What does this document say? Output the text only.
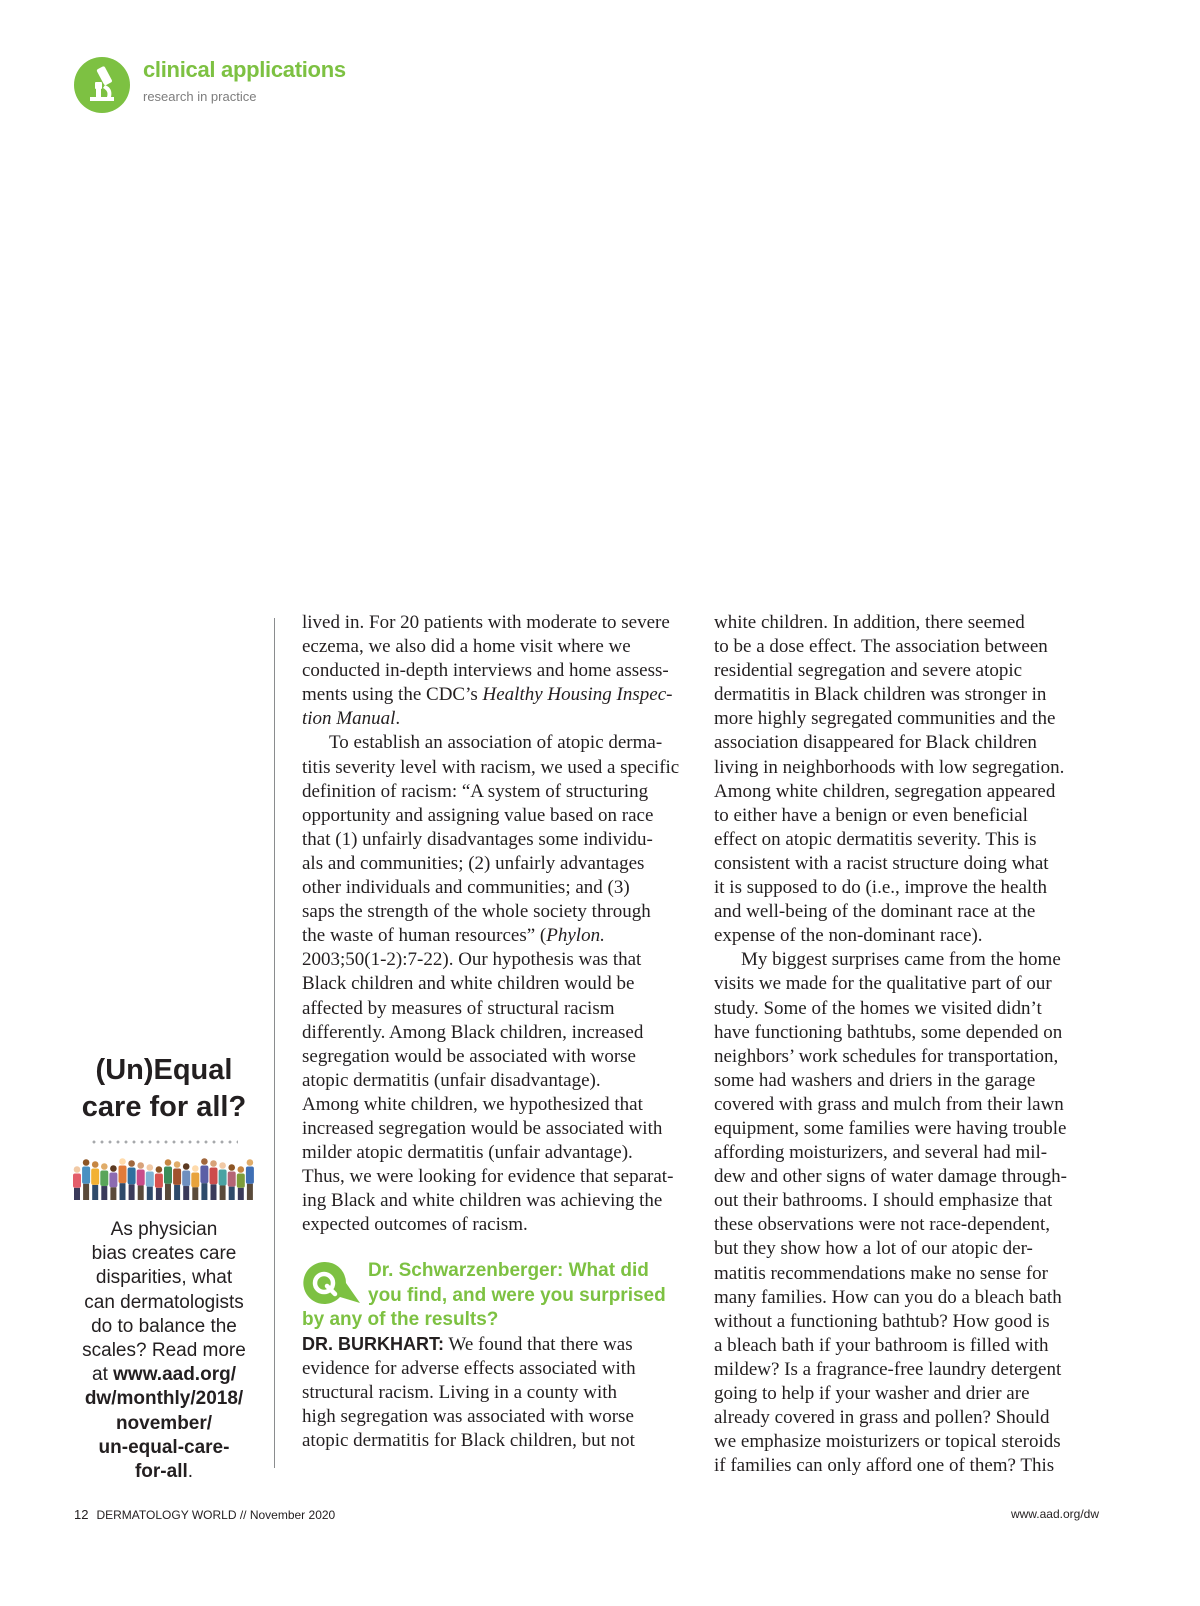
clinical applications
research in practice
(Un)Equal
care for all?
As physician
bias creates care
disparities, what
can dermatologists
do to balance the
scales? Read more
at www.aad.org/
dw/monthly/2018/
november/
un-equal-care-
for-all.

lived in. For 20 patients with moderate to severe
eczema, we also did a home visit where we
conducted in-depth interviews and home assess-
ments using the CDC’s Healthy Housing Inspec-
tion Manual.

To establish an association of atopic derma-
titis severity level with racism, we used a specific
definition of racism: “A system of structuring
opportunity and assigning value based on race
that (1) unfairly disadvantages some individu-
als and communities; (2) unfairly advantages
other individuals and communities; and (3)
saps the strength of the whole society through
the waste of human resources” (Phylon.
2003;50(1-2):7-22). Our hypothesis was that
Black children and white children would be
affected by measures of structural racism
differently. Among Black children, increased
segregation would be associated with worse
atopic dermatitis (unfair disadvantage).
Among white children, we hypothesized that
increased segregation would be associated with
milder atopic dermatitis (unfair advantage).
Thus, we were looking for evidence that separat-
ing Black and white children was achieving the
expected outcomes of racism.

Dr. Schwarzenberger: What did
you find, and were you surprised
by any of the results?

DR. BURKHART: We found that there was
evidence for adverse effects associated with
structural racism. Living in a county with
high segregation was associated with worse
atopic dermatitis for Black children, but not

white children. In addition, there seemed
to be a dose effect. The association between
residential segregation and severe atopic
dermatitis in Black children was stronger in
more highly segregated communities and the
association disappeared for Black children
living in neighborhoods with low segregation.
Among white children, segregation appeared
to either have a benign or even beneficial
effect on atopic dermatitis severity. This is
consistent with a racist structure doing what
it is supposed to do (i.e., improve the health
and well-being of the dominant race at the
expense of the non-dominant race).

My biggest surprises came from the home
visits we made for the qualitative part of our
study. Some of the homes we visited didn’t
have functioning bathtubs, some depended on
neighbors’ work schedules for transportation,
some had washers and driers in the garage
covered with grass and mulch from their lawn
equipment, some families were having trouble
affording moisturizers, and several had mil-
dew and other signs of water damage through-
out their bathrooms. I should emphasize that
these observations were not race-dependent,
but they show how a lot of our atopic der-
matitis recommendations make no sense for
many families. How can you do a bleach bath
without a functioning bathtub? How good is
a bleach bath if your bathroom is filled with
mildew? Is a fragrance-free laundry detergent
going to help if your washer and drier are
already covered in grass and pollen? Should
we emphasize moisturizers or topical steroids
if families can only afford one of them? This

12 DERMATOLOGY WORLD // November 2020	www.aad.org/dw
